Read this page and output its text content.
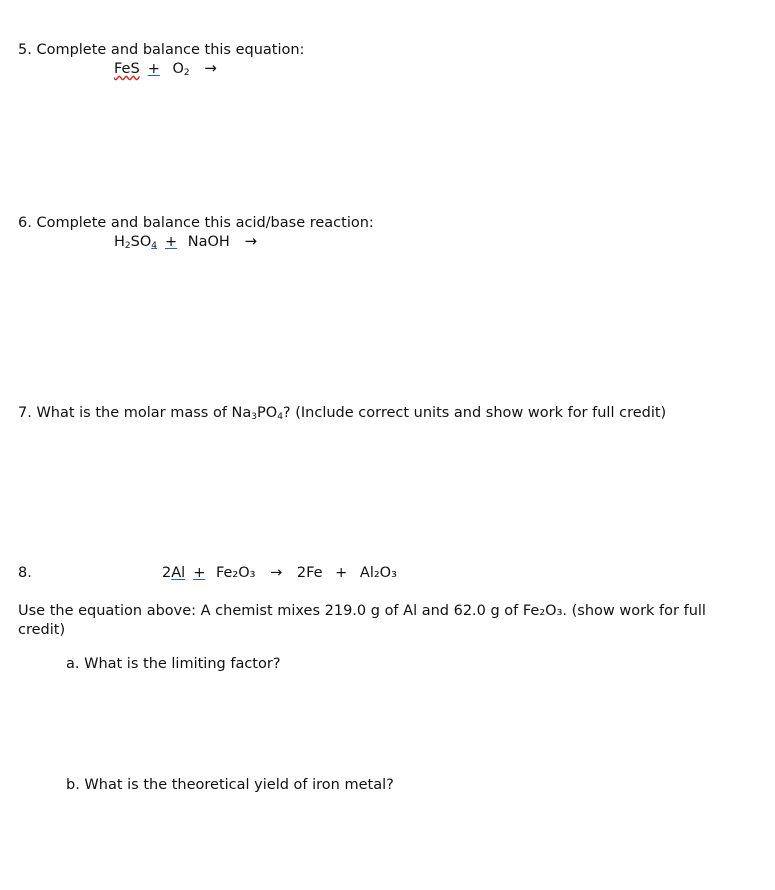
5. Complete and balance this equation:
FeS + $O_2$ →
6. Complete and balance this acid/base reaction:
$H_2SO_4$ + NaOH →
7. What is the molar mass of $Na_3PO_4$? (Include correct units and show work for full credit)
8.	2Al + Fe₂O₃ → 2Fe + Al₂O₃
Use the equation above: A chemist mixes 219.0 g of Al and 62.0 g of Fe₂O₃. (show work for full credit)
a. What is the limiting factor?
b. What is the theoretical yield of iron metal?
